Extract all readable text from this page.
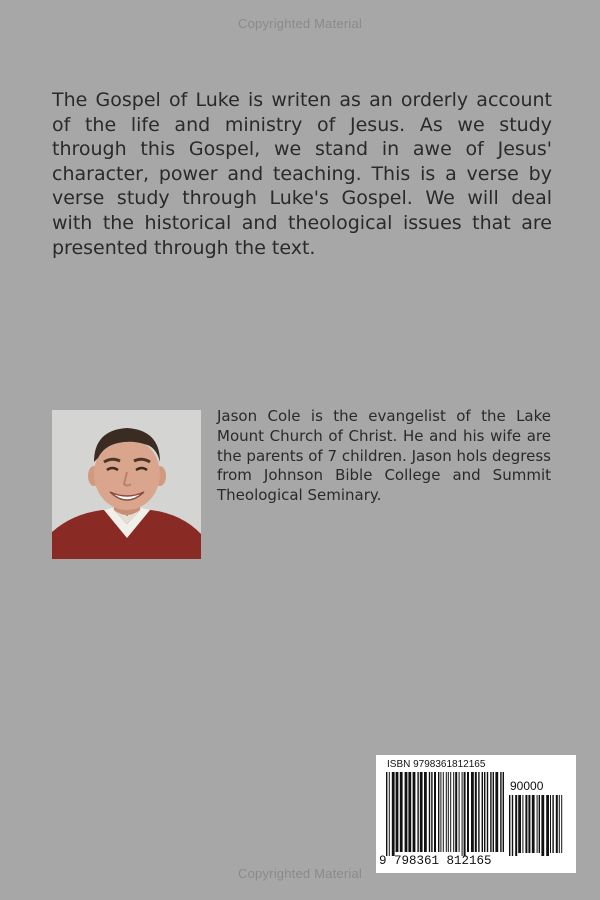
Copyrighted Material

The Gospel of Luke is writen as an orderly account of the life and ministry of Jesus. As we study through this Gospel, we stand in awe of Jesus' character, power and teaching. This is a verse by verse study through Luke's Gospel. We will deal with the historical and theological issues that are presented through the text.

Jason Cole is the evangelist of the Lake Mount Church of Christ. He and his wife are the parents of 7 children. Jason hols degress from Johnson Bible College and Summit Theological Seminary.

ISBN 9798361812165
90000
9 798361 812165
Copyrighted Material
